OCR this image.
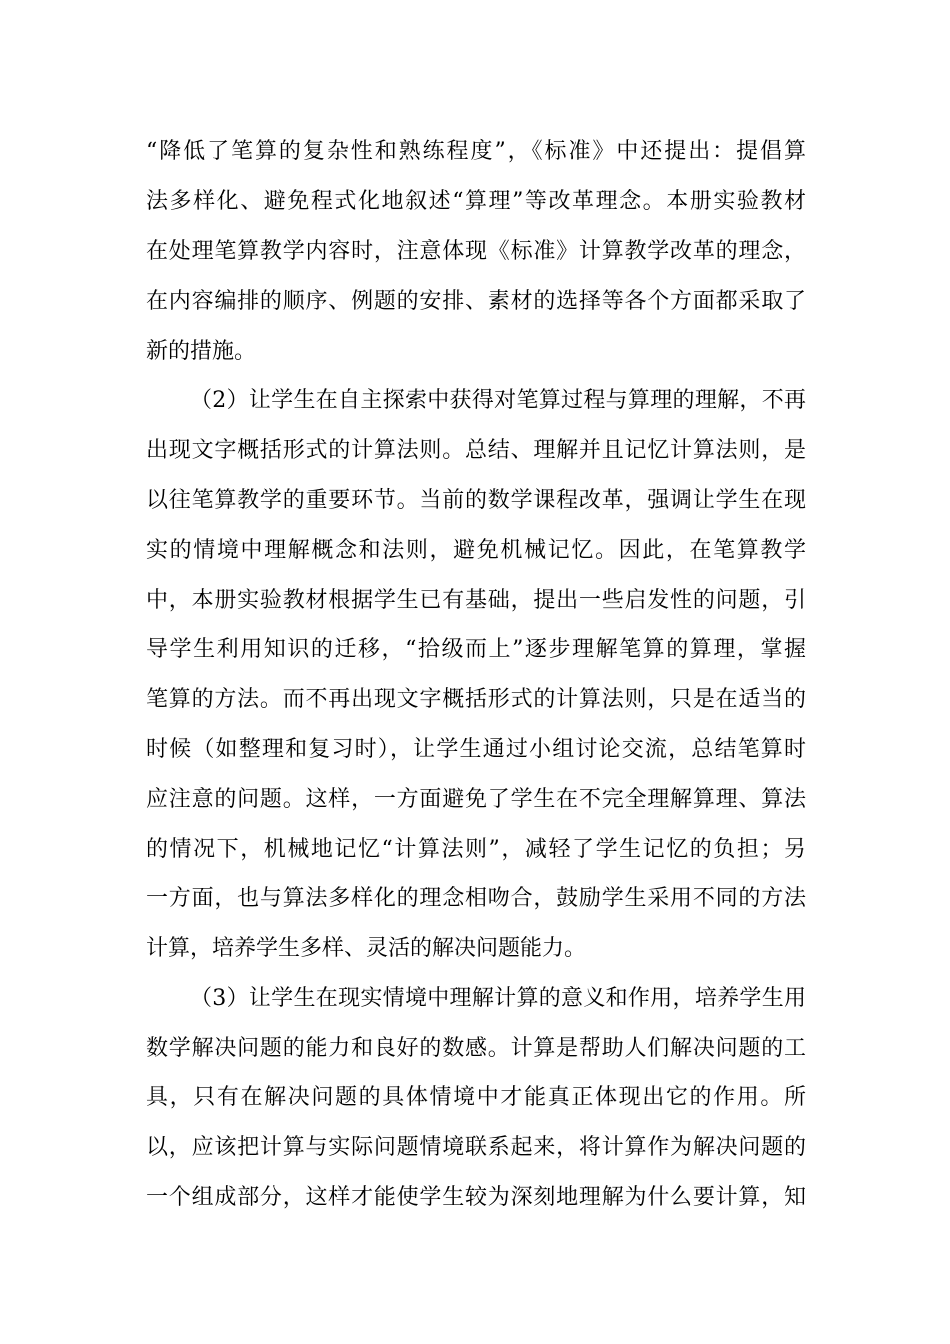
“降低了笔算的复杂性和熟练程度”，《标准》中还提出：提倡算
法多样化、避免程式化地叙述“算理”等改革理念。本册实验教材
在处理笔算教学内容时，注意体现《标准》计算教学改革的理念，
在内容编排的顺序、例题的安排、素材的选择等各个方面都采取了
新的措施。
（2）让学生在自主探索中获得对笔算过程与算理的理解，不再
出现文字概括形式的计算法则。总结、理解并且记忆计算法则，是
以往笔算教学的重要环节。当前的数学课程改革，强调让学生在现
实的情境中理解概念和法则，避免机械记忆。因此，在笔算教学
中，本册实验教材根据学生已有基础，提出一些启发性的问题，引
导学生利用知识的迁移，“拾级而上”逐步理解笔算的算理，掌握
笔算的方法。而不再出现文字概括形式的计算法则，只是在适当的
时候（如整理和复习时），让学生通过小组讨论交流，总结笔算时
应注意的问题。这样，一方面避免了学生在不完全理解算理、算法
的情况下，机械地记忆“计算法则”，减轻了学生记忆的负担；另
一方面，也与算法多样化的理念相吻合，鼓励学生采用不同的方法
计算，培养学生多样、灵活的解决问题能力。
（3）让学生在现实情境中理解计算的意义和作用，培养学生用
数学解决问题的能力和良好的数感。计算是帮助人们解决问题的工
具，只有在解决问题的具体情境中才能真正体现出它的作用。所
以，应该把计算与实际问题情境联系起来，将计算作为解决问题的
一个组成部分，这样才能使学生较为深刻地理解为什么要计算，知
